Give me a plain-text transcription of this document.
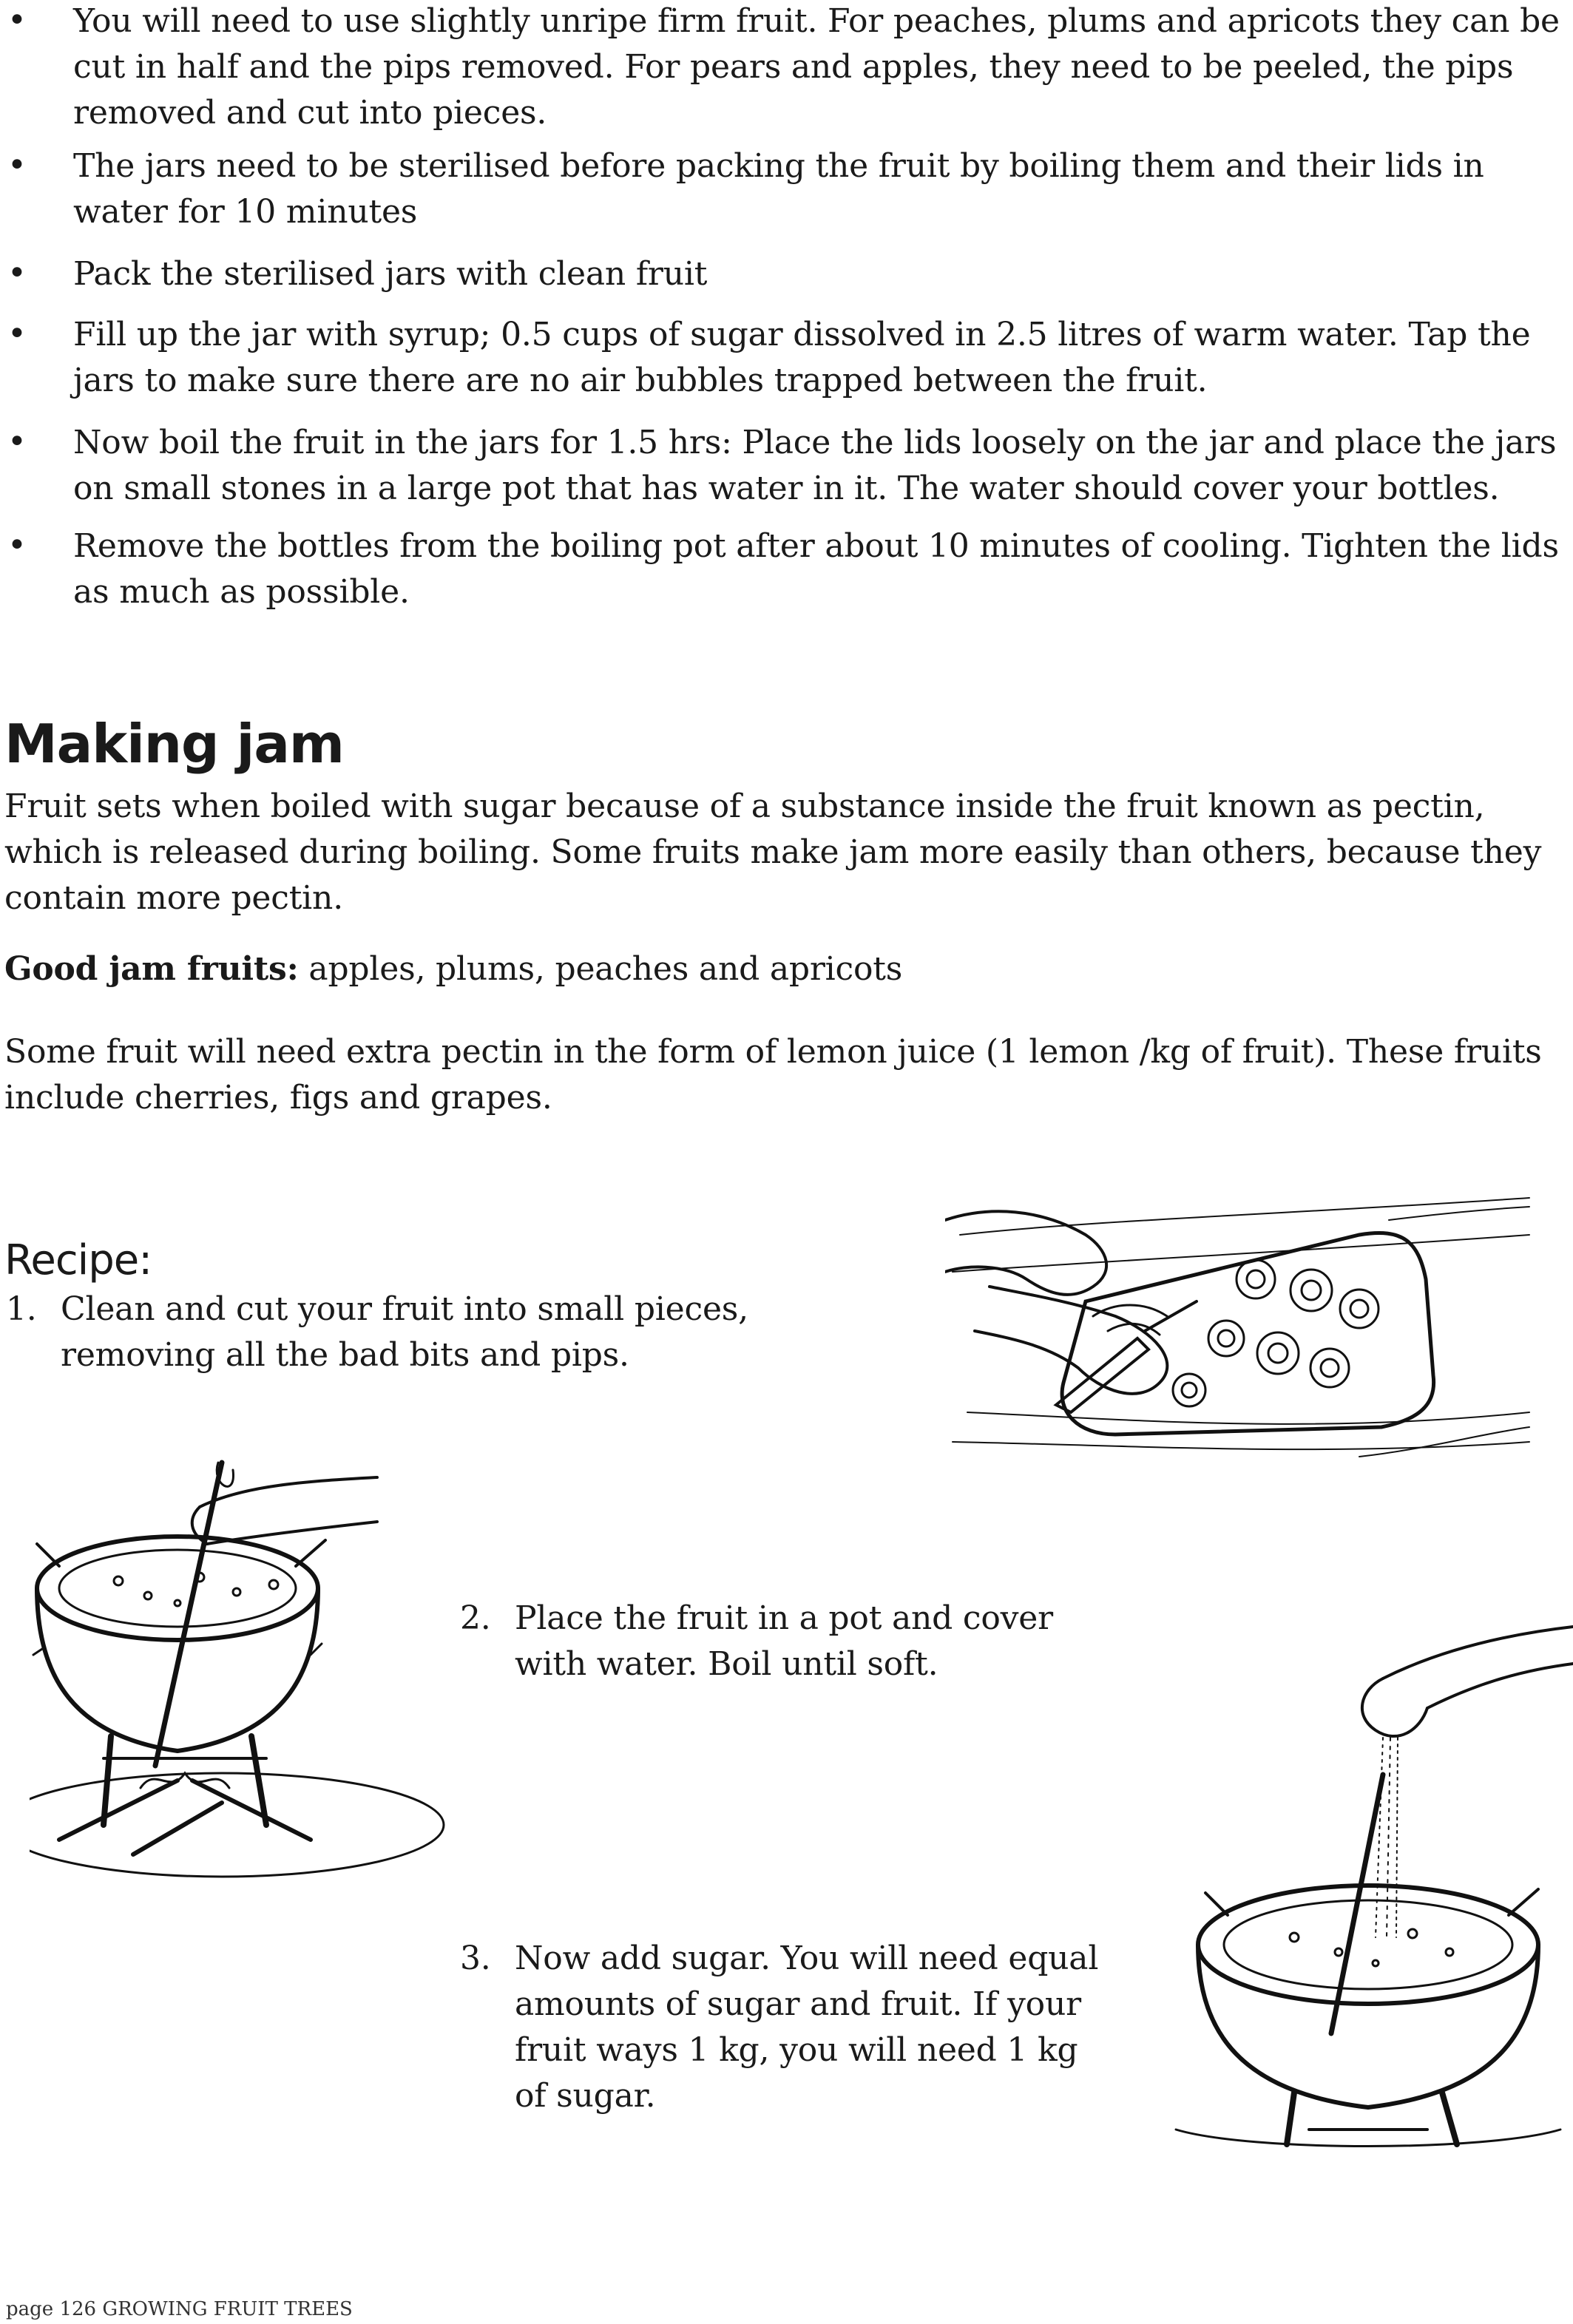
• You will need to use slightly unripe firm fruit. For peaches, plums and apricots they can be cut in half and the pips removed. For pears and apples, they need to be peeled, the pips removed and cut into pieces.
• The jars need to be sterilised before packing the fruit by boiling them and their lids in water for 10 minutes
• Pack the sterilised jars with clean fruit
• Fill up the jar with syrup; 0.5 cups of sugar dissolved in 2.5 litres of warm water. Tap the jars to make sure there are no air bubbles trapped between the fruit.
• Now boil the fruit in the jars for 1.5 hrs: Place the lids loosely on the jar and place the jars on small stones in a large pot that has water in it. The water should cover your bottles.
• Remove the bottles from the boiling pot after about 10 minutes of cooling. Tighten the lids as much as possible.
Making jam

Fruit sets when boiled with sugar because of a substance inside the fruit known as pectin, which is released during boiling. Some fruits make jam more easily than others, because they contain more pectin.

Good jam fruits: apples, plums, peaches and apricots

Some fruit will need extra pectin in the form of lemon juice (1 lemon /kg of fruit). These fruits include cherries, figs and grapes.

Recipe:
1. Clean and cut your fruit into small pieces,
removing all the bad bits and pips.
2. Place the fruit in a pot and cover
with water. Boil until soft.
3. Now add sugar. You will need equal
amounts of sugar and fruit. If your
fruit ways 1 kg, you will need 1 kg
of sugar.
page 126 GROWING FRUIT TREES
